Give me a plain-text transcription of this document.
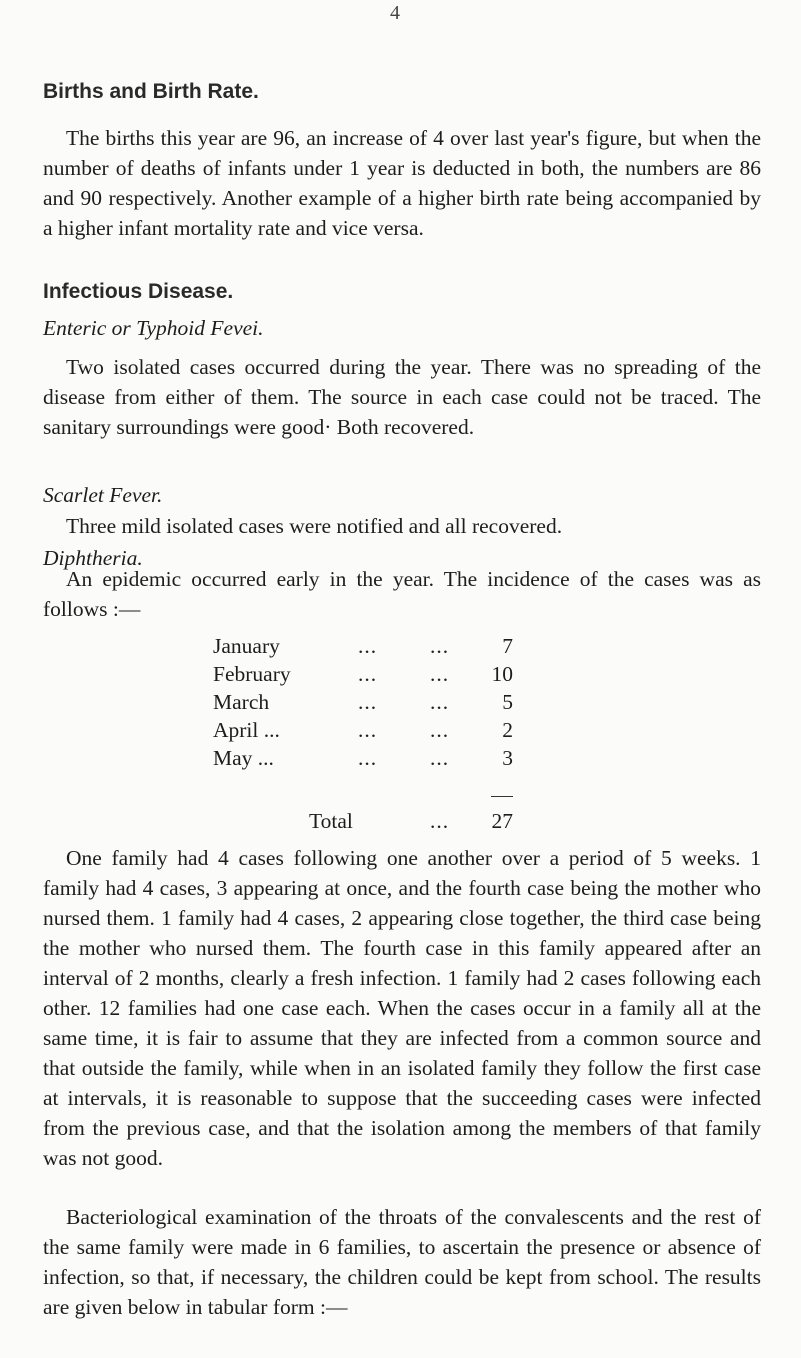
4
Births and Birth Rate.

The births this year are 96, an increase of 4 over last year's figure, but when the number of deaths of infants under 1 year is deducted in both, the numbers are 86 and 90 respectively. Another example of a higher birth rate being accompanied by a higher infant mortality rate and vice versa.

Infectious Disease.

Enteric or Typhoid Fevei.

Two isolated cases occurred during the year. There was no spreading of the disease from either of them. The source in each case could not be traced. The sanitary surroundings were good· Both recovered.

Scarlet Fever.

Three mild isolated cases were notified and all recovered.

Diphtheria.

An epidemic occurred early in the year. The incidence of the cases was as follows :—

January	... ...	7
February	... ...	10
March	... ...	5
April ...	... ...	2
May ...	... ...	3
Total	... 27

One family had 4 cases following one another over a period of 5 weeks. 1 family had 4 cases, 3 appearing at once, and the fourth case being the mother who nursed them. 1 family had 4 cases, 2 appearing close together, the third case being the mother who nursed them. The fourth case in this family appeared after an interval of 2 months, clearly a fresh infection. 1 family had 2 cases following each other. 12 families had one case each. When the cases occur in a family all at the same time, it is fair to assume that they are infected from a common source and that outside the family, while when in an isolated family they follow the first case at intervals, it is reasonable to suppose that the succeeding cases were infected from the previous case, and that the isolation among the members of that family was not good.

Bacteriological examination of the throats of the convalescents and the rest of the same family were made in 6 families, to ascertain the presence or absence of infection, so that, if necessary, the children could be kept from school. The results are given below in tabular form :—
